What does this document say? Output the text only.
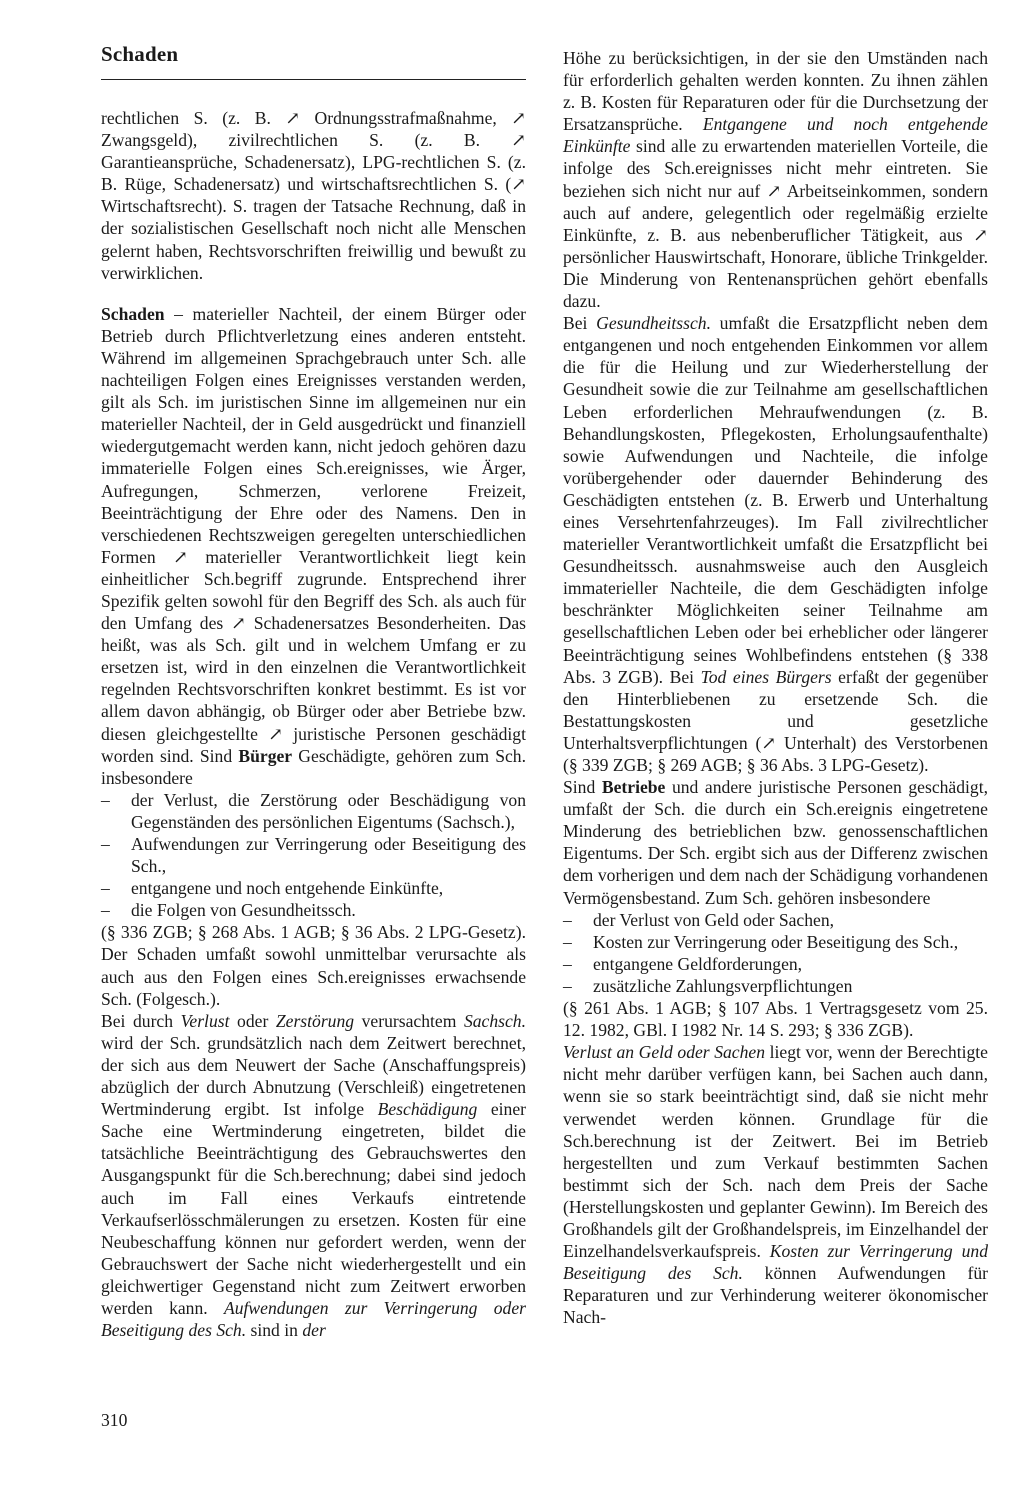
Schaden

rechtlichen S. (z. B. ↗ Ordnungsstrafmaßnahme, ↗ Zwangsgeld), zivilrechtlichen S. (z. B. ↗ Garantieansprüche, Schadenersatz), LPG-rechtlichen S. (z. B. Rüge, Schadenersatz) und wirtschaftsrechtlichen S. (↗ Wirtschaftsrecht). S. tragen der Tatsache Rechnung, daß in der sozialistischen Gesellschaft noch nicht alle Menschen gelernt haben, Rechtsvorschriften freiwillig und bewußt zu verwirklichen.

Schaden – materieller Nachteil, der einem Bürger oder Betrieb durch Pflichtverletzung eines anderen entsteht. Während im allgemeinen Sprachgebrauch unter Sch. alle nachteiligen Folgen eines Ereignisses verstanden werden, gilt als Sch. im juristischen Sinne im allgemeinen nur ein materieller Nachteil, der in Geld ausgedrückt und finanziell wiedergutgemacht werden kann, nicht jedoch gehören dazu immaterielle Folgen eines Sch.ereignisses, wie Ärger, Aufregungen, Schmerzen, verlorene Freizeit, Beeinträchtigung der Ehre oder des Namens. Den in verschiedenen Rechtszweigen geregelten unterschiedlichen Formen ↗ materieller Verantwortlichkeit liegt kein einheitlicher Sch.begriff zugrunde. Entsprechend ihrer Spezifik gelten sowohl für den Begriff des Sch. als auch für den Umfang des ↗ Schadenersatzes Besonderheiten. Das heißt, was als Sch. gilt und in welchem Umfang er zu ersetzen ist, wird in den einzelnen die Verantwortlichkeit regelnden Rechtsvorschriften konkret bestimmt. Es ist vor allem davon abhängig, ob Bürger oder aber Betriebe bzw. diesen gleichgestellte ↗ juristische Personen geschädigt worden sind. Sind Bürger Geschädigte, gehören zum Sch. insbesondere

– der Verlust, die Zerstörung oder Beschädigung von Gegenständen des persönlichen Eigentums (Sachsch.),
– Aufwendungen zur Verringerung oder Beseitigung des Sch.,
– entgangene und noch entgehende Einkünfte,
– die Folgen von Gesundheitssch.

(§ 336 ZGB; § 268 Abs. 1 AGB; § 36 Abs. 2 LPG-Gesetz). Der Schaden umfaßt sowohl unmittelbar verursachte als auch aus den Folgen eines Sch.ereignisses erwachsende Sch. (Folgesch.).

Bei durch Verlust oder Zerstörung verursachtem Sachsch. wird der Sch. grundsätzlich nach dem Zeitwert berechnet, der sich aus dem Neuwert der Sache (Anschaffungspreis) abzüglich der durch Abnutzung (Verschleiß) eingetretenen Wertminderung ergibt. Ist infolge Beschädigung einer Sache eine Wertminderung eingetreten, bildet die tatsächliche Beeinträchtigung des Gebrauchswertes den Ausgangspunkt für die Sch.berechnung; dabei sind jedoch auch im Fall eines Verkaufs eintretende Verkaufserlösschmälerungen zu ersetzen. Kosten für eine Neubeschaffung können nur gefordert werden, wenn der Gebrauchswert der Sache nicht wiederhergestellt und ein gleichwertiger Gegenstand nicht zum Zeitwert erworben werden kann. Aufwendungen zur Verringerung oder Beseitigung des Sch. sind in der

Höhe zu berücksichtigen, in der sie den Umständen nach für erforderlich gehalten werden konnten. Zu ihnen zählen z. B. Kosten für Reparaturen oder für die Durchsetzung der Ersatzansprüche. Entgangene und noch entgehende Einkünfte sind alle zu erwartenden materiellen Vorteile, die infolge des Sch.ereignisses nicht mehr eintreten. Sie beziehen sich nicht nur auf ↗ Arbeitseinkommen, sondern auch auf andere, gelegentlich oder regelmäßig erzielte Einkünfte, z. B. aus nebenberuflicher Tätigkeit, aus ↗ persönlicher Hauswirtschaft, Honorare, übliche Trinkgelder. Die Minderung von Rentenansprüchen gehört ebenfalls dazu.

Bei Gesundheitssch. umfaßt die Ersatzpflicht neben dem entgangenen und noch entgehenden Einkommen vor allem die für die Heilung und zur Wiederherstellung der Gesundheit sowie die zur Teilnahme am gesellschaftlichen Leben erforderlichen Mehraufwendungen (z. B. Behandlungskosten, Pflegekosten, Erholungsaufenthalte) sowie Aufwendungen und Nachteile, die infolge vorübergehender oder dauernder Behinderung des Geschädigten entstehen (z. B. Erwerb und Unterhaltung eines Versehrtenfahrzeuges). Im Fall zivilrechtlicher materieller Verantwortlichkeit umfaßt die Ersatzpflicht bei Gesundheitssch. ausnahmsweise auch den Ausgleich immaterieller Nachteile, die dem Geschädigten infolge beschränkter Möglichkeiten seiner Teilnahme am gesellschaftlichen Leben oder bei erheblicher oder längerer Beeinträchtigung seines Wohlbefindens entstehen (§ 338 Abs. 3 ZGB). Bei Tod eines Bürgers erfaßt der gegenüber den Hinterbliebenen zu ersetzende Sch. die Bestattungskosten und gesetzliche Unterhaltsverpflichtungen (↗ Unterhalt) des Verstorbenen (§ 339 ZGB; § 269 AGB; § 36 Abs. 3 LPG-Gesetz).

Sind Betriebe und andere juristische Personen geschädigt, umfaßt der Sch. die durch ein Sch.ereignis eingetretene Minderung des betrieblichen bzw. genossenschaftlichen Eigentums. Der Sch. ergibt sich aus der Differenz zwischen dem vorherigen und dem nach der Schädigung vorhandenen Vermögensbestand. Zum Sch. gehören insbesondere

– der Verlust von Geld oder Sachen,
– Kosten zur Verringerung oder Beseitigung des Sch.,
– entgangene Geldforderungen,
– zusätzliche Zahlungsverpflichtungen

(§ 261 Abs. 1 AGB; § 107 Abs. 1 Vertragsgesetz vom 25. 12. 1982, GBl. I 1982 Nr. 14 S. 293; § 336 ZGB).

Verlust an Geld oder Sachen liegt vor, wenn der Berechtigte nicht mehr darüber verfügen kann, bei Sachen auch dann, wenn sie so stark beeinträchtigt sind, daß sie nicht mehr verwendet werden können. Grundlage für die Sch.berechnung ist der Zeitwert. Bei im Betrieb hergestellten und zum Verkauf bestimmten Sachen bestimmt sich der Sch. nach dem Preis der Sache (Herstellungskosten und geplanter Gewinn). Im Bereich des Großhandels gilt der Großhandelspreis, im Einzelhandel der Einzelhandelsverkaufspreis. Kosten zur Verringerung und Beseitigung des Sch. können Aufwendungen für Reparaturen und zur Verhinderung weiterer ökonomischer Nach-

310
